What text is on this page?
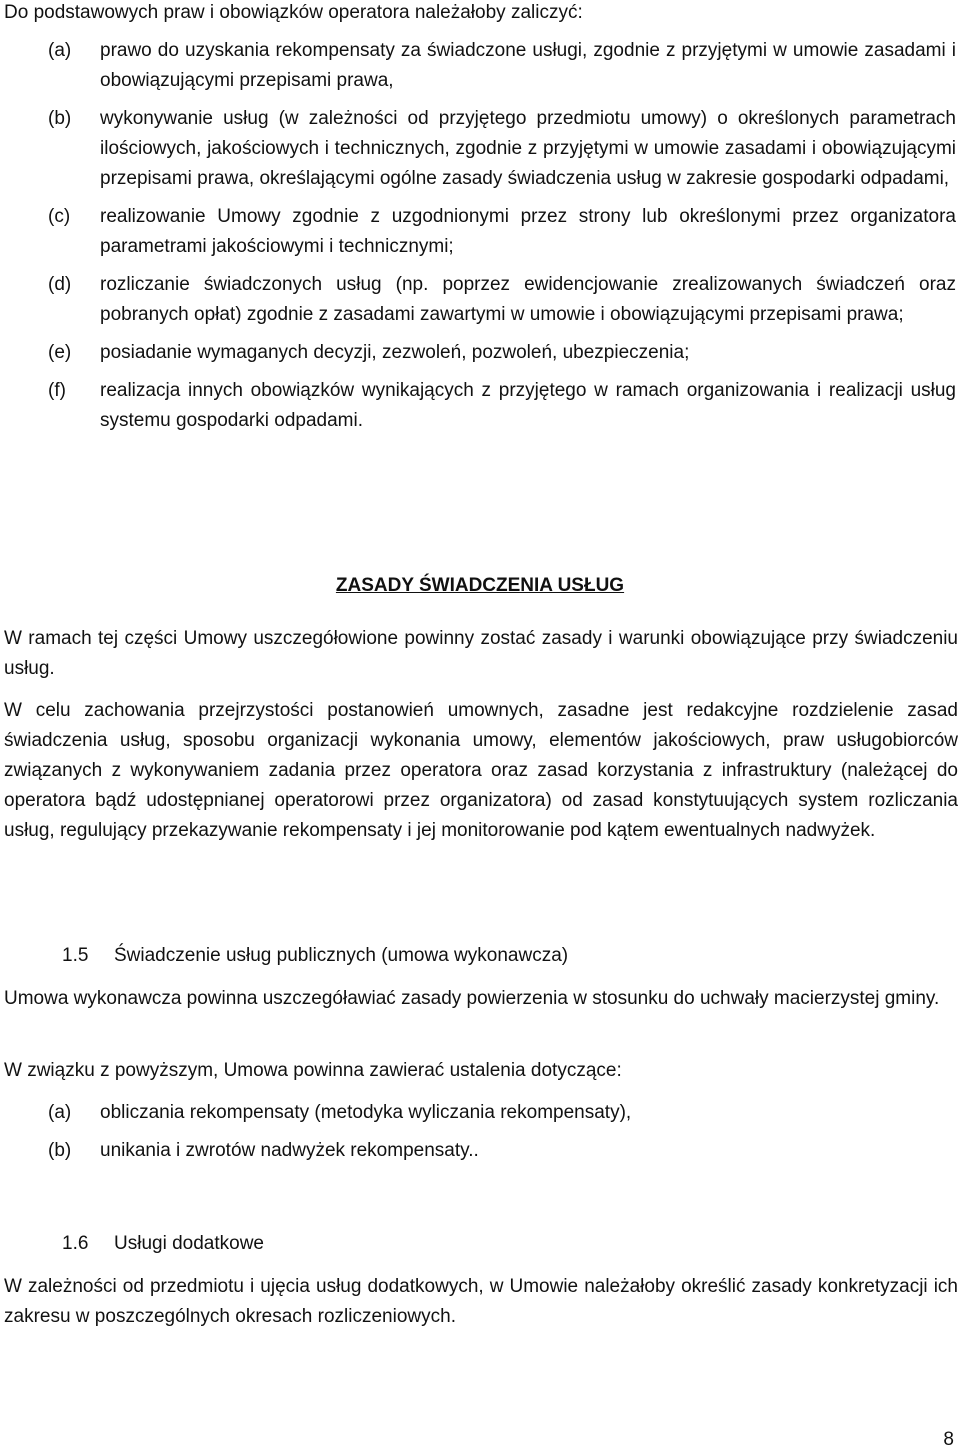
Do podstawowych praw i obowiązków operatora należałoby zaliczyć:
(a)	prawo do uzyskania rekompensaty za świadczone usługi, zgodnie z przyjętymi w umowie zasadami i obowiązującymi przepisami prawa,
(b)	wykonywanie usług (w zależności od przyjętego przedmiotu umowy) o określonych parametrach ilościowych, jakościowych i technicznych, zgodnie z przyjętymi w umowie zasadami i obowiązującymi przepisami prawa, określającymi ogólne zasady świadczenia usług w zakresie gospodarki odpadami,
(c)	realizowanie Umowy zgodnie z uzgodnionymi przez strony lub określonymi przez organizatora parametrami jakościowymi i technicznymi;
(d)	rozliczanie świadczonych usług (np. poprzez ewidencjowanie zrealizowanych świadczeń oraz pobranych opłat) zgodnie z zasadami zawartymi w umowie i obowiązującymi przepisami prawa;
(e)	posiadanie wymaganych decyzji, zezwoleń, pozwoleń, ubezpieczenia;
(f)	realizacja innych obowiązków wynikających z przyjętego w ramach organizowania i realizacji usług systemu gospodarki odpadami.
ZASADY ŚWIADCZENIA USŁUG

W ramach tej części Umowy uszczegółowione powinny zostać zasady i warunki obowiązujące przy świadczeniu usług.

W celu zachowania przejrzystości postanowień umownych, zasadne jest redakcyjne rozdzielenie zasad świadczenia usług, sposobu organizacji wykonania umowy, elementów jakościowych, praw usługobiorców związanych z wykonywaniem zadania przez operatora oraz zasad korzystania z infrastruktury (należącej do operatora bądź udostępnianej operatorowi przez organizatora) od zasad konstytuujących system rozliczania usług, regulujący przekazywanie rekompensaty i jej monitorowanie pod kątem ewentualnych nadwyżek.

1.5	Świadczenie usług publicznych (umowa wykonawcza)

Umowa wykonawcza powinna uszczegóławiać zasady powierzenia w stosunku do uchwały macierzystej gminy.

W związku z powyższym, Umowa powinna zawierać ustalenia dotyczące:

(a)	obliczania rekompensaty (metodyka wyliczania rekompensaty),
(b)	unikania i zwrotów nadwyżek rekompensaty..
1.6	Usługi dodatkowe

W zależności od przedmiotu i ujęcia usług dodatkowych, w Umowie należałoby określić zasady konkretyzacji ich zakresu w poszczególnych okresach rozliczeniowych.

8
